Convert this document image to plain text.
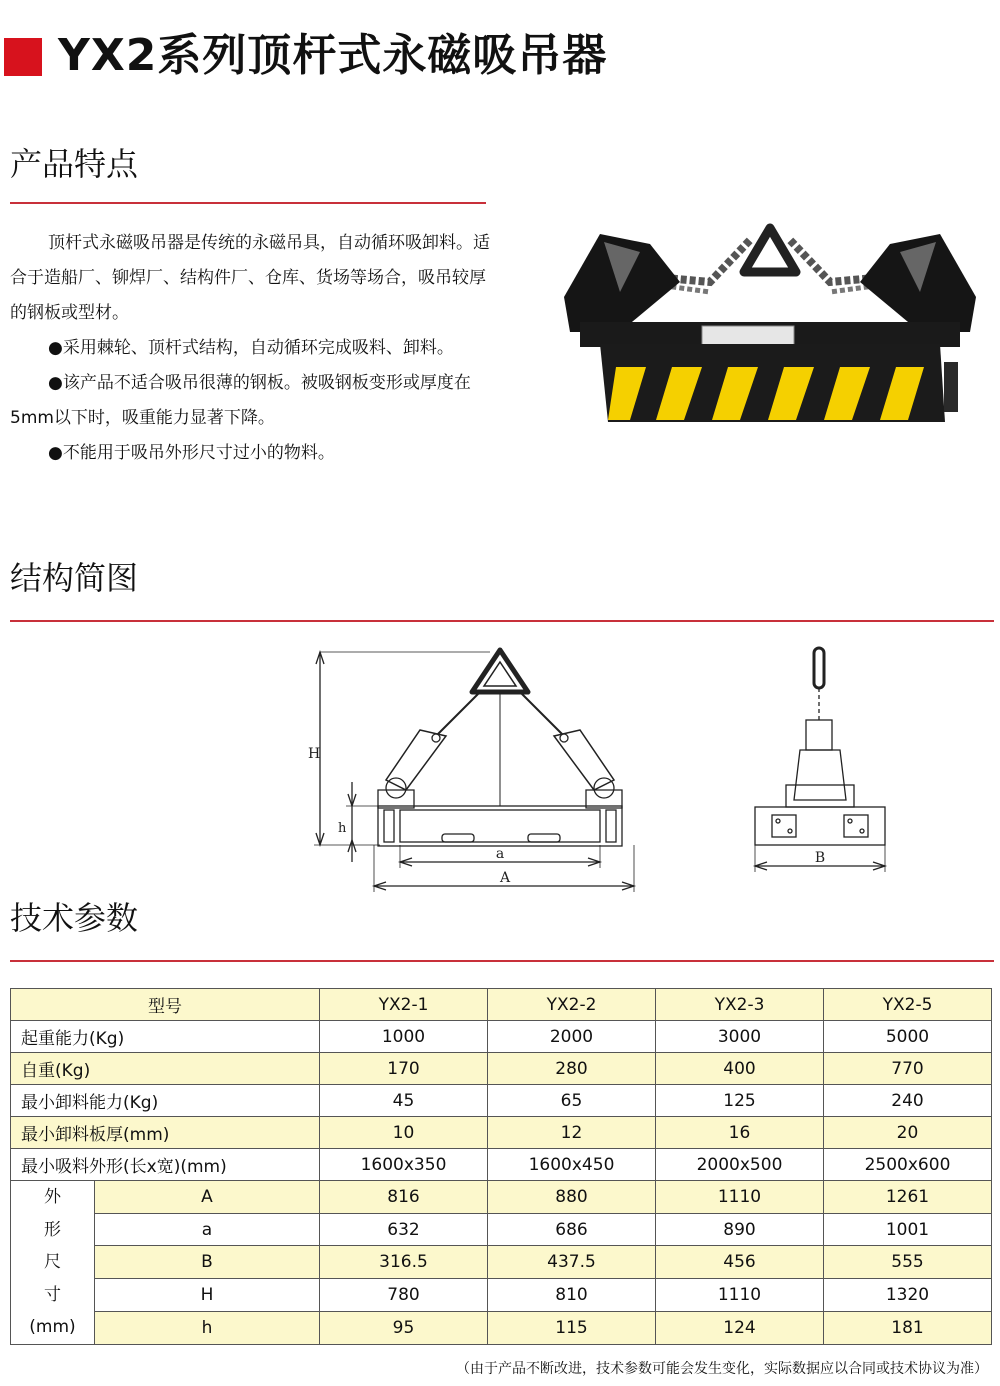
YX2系列顶杆式永磁吸吊器
产品特点

顶杆式永磁吸吊器是传统的永磁吊具，自动循环吸卸料。适合于造船厂、铆焊厂、结构件厂、仓库、货场等场合，吸吊较厚的钢板或型材。

●采用棘轮、顶杆式结构，自动循环完成吸料、卸料。

●该产品不适合吸吊很薄的钢板。被吸钢板变形或厚度在5mm以下时，吸重能力显著下降。

●不能用于吸吊外形尺寸过小的物料。

结构简图
H
h
a
A
B
技术参数
型号		YX2-1	YX2-2	YX2-3	YX2-5
起重能力(Kg)		1000	2000	3000	5000
自重(Kg)		170	280	400	770
最小卸料能力(Kg)		45	65	125	240
最小卸料板厚(mm)		10	12	16	20
最小吸料外形(长x宽)(mm)		1600x350	1600x450	2000x500	2500x600

外
形
尺
寸
(mm)	A	816	880	1110	1261
	a	632	686	890	1001
	B	316.5	437.5	456	555
	H	780	810	1110	1320
	h	95	115	124	181
（由于产品不断改进，技术参数可能会发生变化，实际数据应以合同或技术协议为准）
